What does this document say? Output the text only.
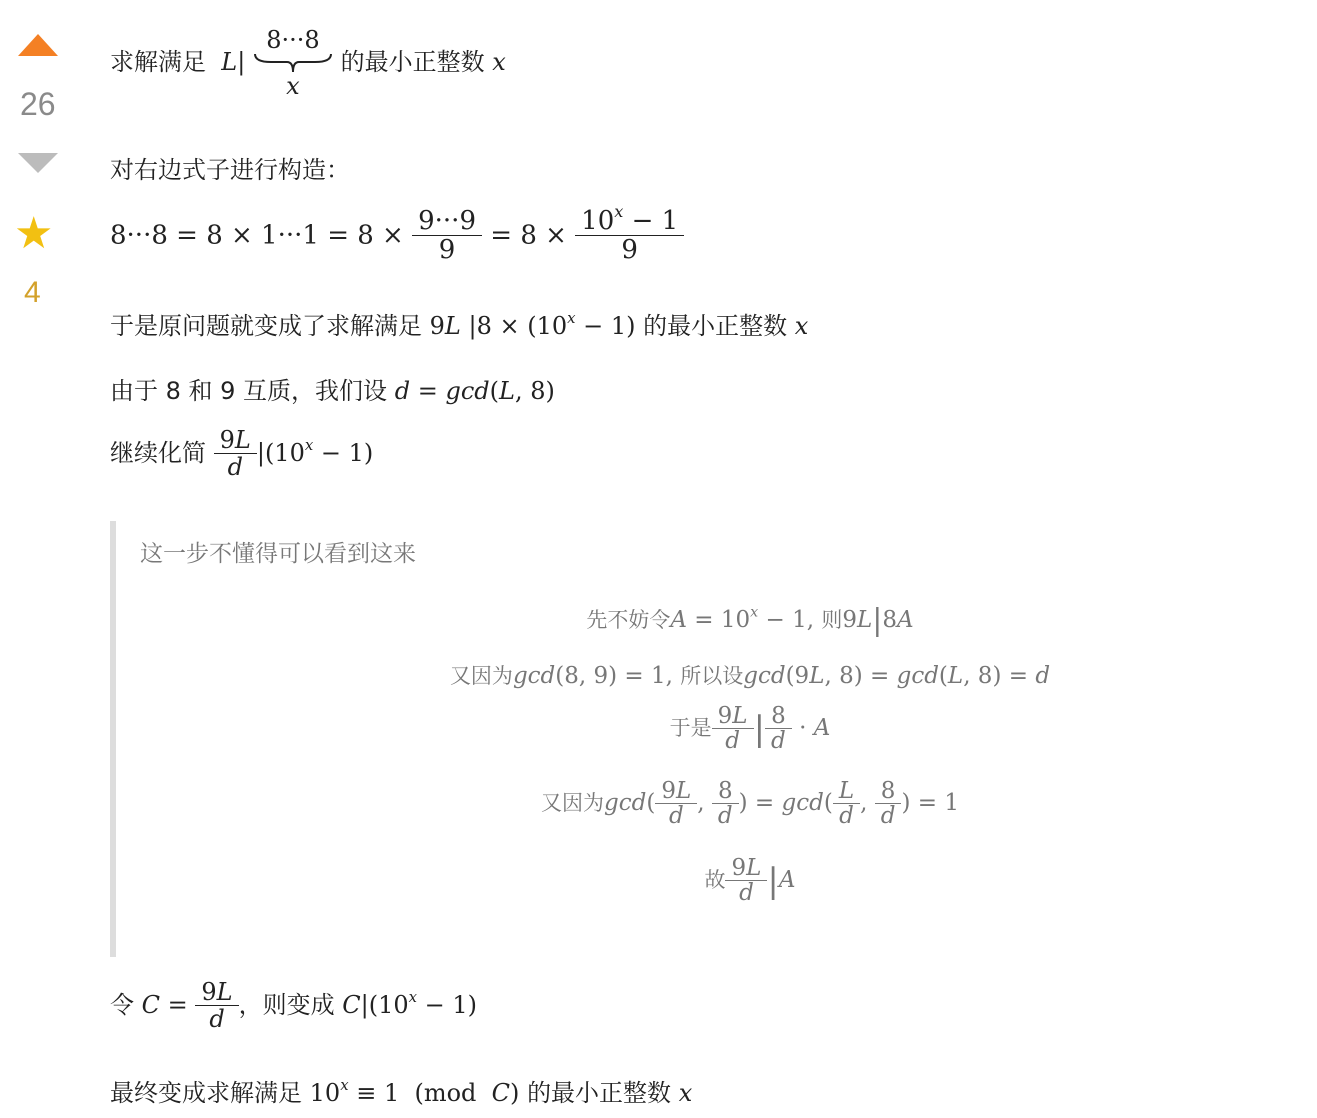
26
★
4
求解满足  L|
8···8
x
的最小正整数 x
对右边式子进行构造：
$8\cdot\cdot\cdot 8 = 8 \times 1\cdot\cdot\cdot 1 = 8 \times \frac{9\cdot\cdot\cdot 9}{9} = 8 \times \frac{10^x - 1}{9}$
于是原问题就变成了求解满足 9L $|8 \times (10^x - 1)$ 的最小正整数 x
由于 8 和 9 互质，我们设 d = gcd(L, 8)
继续化简 $\frac{9L}{d} |(10^x - 1)$
这一步不懂得可以看到这来
先不妨令$A = 10^x - 1$, 则9L|8A
又因为gcd(8, 9) = 1, 所以设gcd(9L, 8) = gcd(L, 8) = d
于是 $\frac{9L}{d}$ | $\frac{8}{d} \cdot A$
又因为$\gcd( \frac{9L}{d}$ , $\frac{8}{d}$ ) = $\gcd( \frac{L}{d}$ , $\frac{8}{d}$ ) = 1
故 $\frac{9L}{d} |A$
令 $C = \frac{9L}{d}$ ，则变成 $C|(10^x - 1)$
最终变成求解满足 $10^x \equiv 1$  (mod  C) 的最小正整数 x
